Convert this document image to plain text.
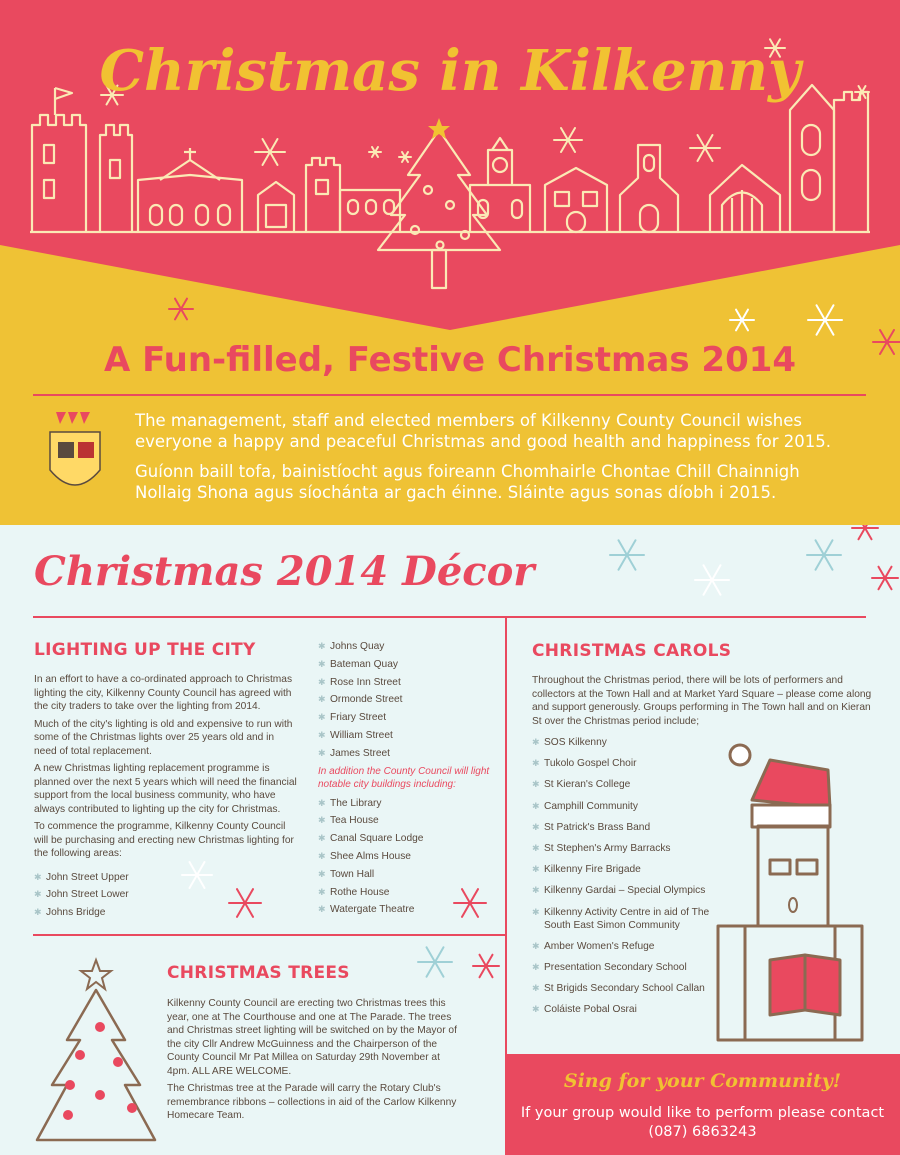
Christmas in Kilkenny
A Fun-filled, Festive Christmas 2014
The management, staff and elected members of Kilkenny County Council wishes everyone a happy and peaceful Christmas and good health and happiness for 2015.
Guíonn baill tofa, bainistíocht agus foireann Chomhairle Chontae Chill Chainnigh Nollaig Shona agus síochánta ar gach éinne. Sláinte agus sonas díobh i 2015.
Christmas 2014 Décor
LIGHTING UP THE CITY

In an effort to have a co-ordinated approach to Christmas lighting the city, Kilkenny County Council has agreed with the city traders to take over the lighting from 2014.

Much of the city's lighting is old and expensive to run with some of the Christmas lights over 25 years old and in need of total replacement.

A new Christmas lighting replacement programme is planned over the next 5 years which will need the financial support from the local business community, who have always contributed to lighting up the city for Christmas.

To commence the programme, Kilkenny County Council will be purchasing and erecting new Christmas lighting for the following areas:

✱ John Street Upper
✱ John Street Lower
✱ Johns Bridge
✱ Johns Quay
✱ Bateman Quay
✱ Rose Inn Street
✱ Ormonde Street
✱ Friary Street
✱ William Street
✱ James Street

In addition the County Council will light notable city buildings including:

✱ The Library
✱ Tea House
✱ Canal Square Lodge
✱ Shee Alms House
✱ Town Hall
✱ Rothe House
✱ Watergate Theatre
CHRISTMAS CAROLS

Throughout the Christmas period, there will be lots of performers and collectors at the Town Hall and at Market Yard Square – please come along and support generously. Groups performing in The Town hall and on Kieran St over the Christmas period include;

✱ SOS Kilkenny
✱ Tukolo Gospel Choir
✱ St Kieran's College
✱ Camphill Community
✱ St Patrick's Brass Band
✱ St Stephen's Army Barracks
✱ Kilkenny Fire Brigade
✱ Kilkenny Gardai – Special Olympics
✱ Kilkenny Activity Centre in aid of The South East Simon Community
✱ Amber Women's Refuge
✱ Presentation Secondary School
✱ St Brigids Secondary School Callan
✱ Coláiste Pobal Osrai
CHRISTMAS TREES

Kilkenny County Council are erecting two Christmas trees this year, one at The Courthouse and one at The Parade. The trees and Christmas street lighting will be switched on by the Mayor of the city Cllr Andrew McGuinness and the Chairperson of the County Council Mr Pat Millea on Saturday 29th November at 4pm. ALL ARE WELCOME.

The Christmas tree at the Parade will carry the Rotary Club's remembrance ribbons – collections in aid of the Carlow Kilkenny Homecare Team.

Sing for your Community!
If your group would like to perform please contact (087) 6863243
